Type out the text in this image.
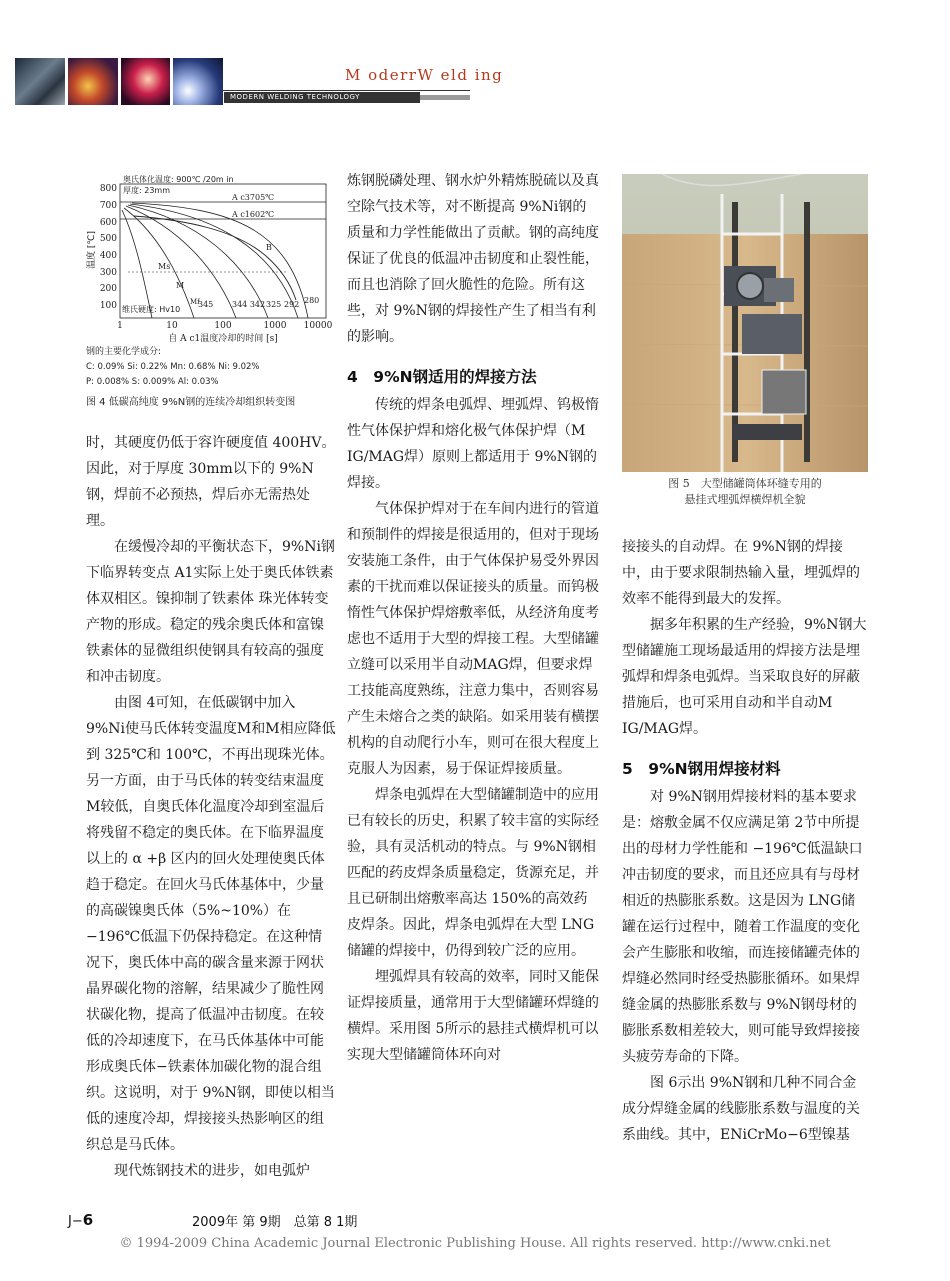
M oderrW eld ing
MODERN WELDING TECHNOLOGY
800
700
600
500
400
300
200
100
1	10	100	1000 10000
温度 [℃]
自 A c1温度冷却的时间 [s]
A c3705℃
A c1602℃
奥氏体化温度: 900℃ /20m in
厚度: 23mm
B
M
Ms
Mf
维氏硬度: Hv10
345 344 342 325 292 280
钢的主要化学成分:
C: 0.09% Si: 0.22% Mn: 0.68% Ni: 9.02%
P: 0.008% S: 0.009% Al: 0.03%
图 4 低碳高纯度 9%N钢的连续冷却组织转变图

时，其硬度仍低于容许硬度值 400HV。因此，对于厚度 30mm以下的 9%N钢，焊前不必预热，焊后亦无需热处理。

在缓慢冷却的平衡状态下，9%Ni钢下临界转变点 A1实际上处于奥氏体铁素体双相区。镍抑制了铁素体 珠光体转变产物的形成。稳定的残余奥氏体和富镍铁素体的显微组织使钢具有较高的强度和冲击韧度。

由图 4可知，在低碳钢中加入 9%Ni使马氏体转变温度M和M相应降低到 325℃和 100℃，不再出现珠光体。另一方面，由于马氏体的转变结束温度M较低，自奥氏体化温度冷却到室温后将残留不稳定的奥氏体。在下临界温度以上的 α +β 区内的回火处理使奥氏体趋于稳定。在回火马氏体基体中，少量的高碳镍奥氏体（5%~10%）在 −196℃低温下仍保持稳定。在这种情况下，奥氏体中高的碳含量来源于网状晶界碳化物的溶解，结果减少了脆性网状碳化物，提高了低温冲击韧度。在较低的冷却速度下，在马氏体基体中可能形成奥氏体−铁素体加碳化物的混合组织。这说明，对于 9%N钢，即使以相当低的速度冷却，焊接接头热影响区的组织总是马氏体。

现代炼钢技术的进步，如电弧炉

炼钢脱磷处理、钢水炉外精炼脱硫以及真空除气技术等，对不断提高 9%Ni钢的质量和力学性能做出了贡献。钢的高纯度保证了优良的低温冲击韧度和止裂性能，而且也消除了回火脆性的危险。所有这些，对 9%N钢的焊接性产生了相当有利的影响。

4　9%N钢适用的焊接方法

传统的焊条电弧焊、埋弧焊、钨极惰性气体保护焊和熔化极气体保护焊（M IG/MAG焊）原则上都适用于 9%N钢的焊接。

气体保护焊对于在车间内进行的管道和预制件的焊接是很适用的，但对于现场安装施工条件，由于气体保护易受外界因素的干扰而难以保证接头的质量。而钨极惰性气体保护焊熔敷率低，从经济角度考虑也不适用于大型的焊接工程。大型储罐立缝可以采用半自动MAG焊，但要求焊工技能高度熟练，注意力集中，否则容易产生未熔合之类的缺陷。如采用装有横摆机构的自动爬行小车，则可在很大程度上克服人为因素，易于保证焊接质量。

焊条电弧焊在大型储罐制造中的应用已有较长的历史，积累了较丰富的实际经验，具有灵活机动的特点。与 9%N钢相匹配的药皮焊条质量稳定，货源充足，并且已研制出熔敷率高达 150%的高效药皮焊条。因此，焊条电弧焊在大型 LNG储罐的焊接中，仍得到较广泛的应用。

埋弧焊具有较高的效率，同时又能保证焊接质量，通常用于大型储罐环焊缝的横焊。采用图 5所示的悬挂式横焊机可以实现大型储罐筒体环向对

图 5　大型储罐筒体环缝专用的
悬挂式埋弧焊横焊机全貌

接接头的自动焊。在 9%N钢的焊接中，由于要求限制热输入量，埋弧焊的效率不能得到最大的发挥。

据多年积累的生产经验，9%N钢大型储罐施工现场最适用的焊接方法是埋弧焊和焊条电弧焊。当采取良好的屏蔽措施后，也可采用自动和半自动M IG/MAG焊。

5　9%N钢用焊接材料

对 9%N钢用焊接材料的基本要求是：熔敷金属不仅应满足第 2节中所提出的母材力学性能和 −196℃低温缺口冲击韧度的要求，而且还应具有与母材相近的热膨胀系数。这是因为 LNG储罐在运行过程中，随着工作温度的变化会产生膨胀和收缩，而连接储罐壳体的焊缝必然同时经受热膨胀循环。如果焊缝金属的热膨胀系数与 9%N钢母材的膨胀系数相差较大，则可能导致焊接接头疲劳寿命的下降。

图 6示出 9%N钢和几种不同合金成分焊缝金属的线膨胀系数与温度的关系曲线。其中，ENiCrMo−6型镍基

J−6	2009年 第 9期　总第 8 1期
© 1994-2009 China Academic Journal Electronic Publishing House. All rights reserved. http://www.cnki.net
